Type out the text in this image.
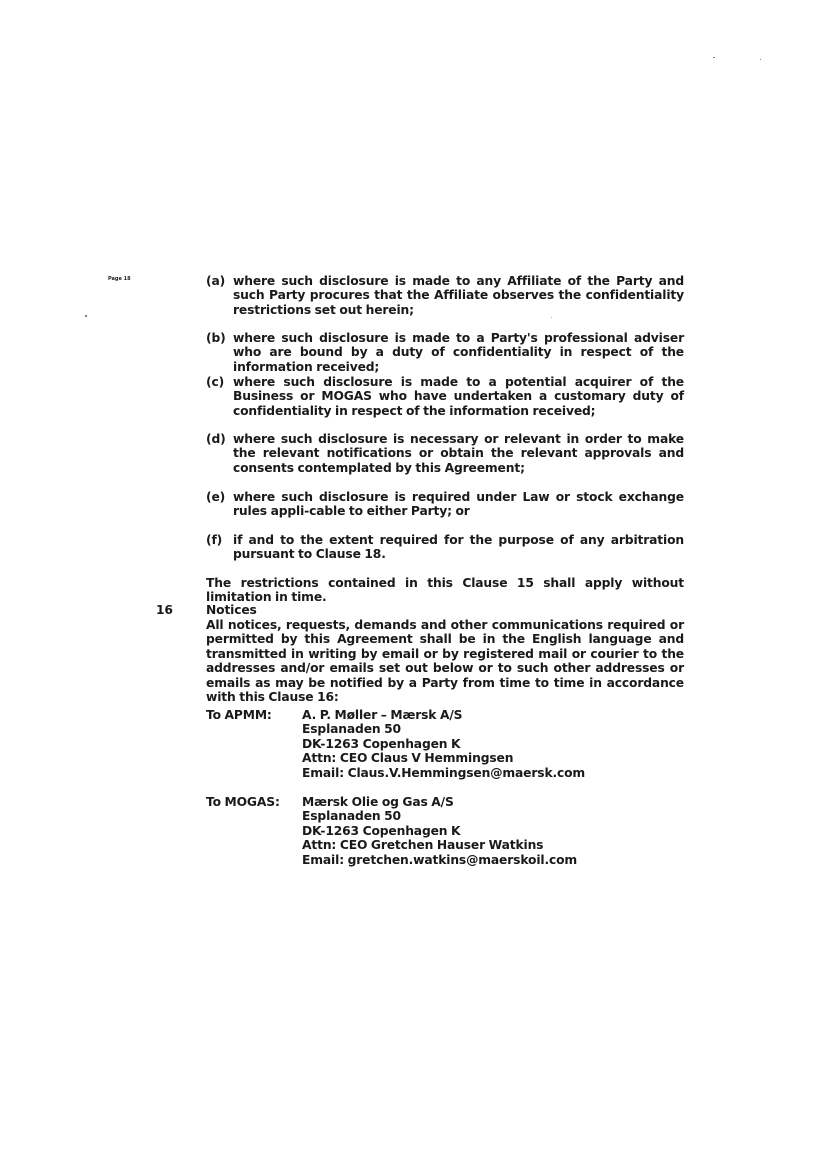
Page 18	(a) where such disclosure is made to any Affiliate of the Party and such Party procures that the Affiliate observes the confidentiality restrictions set out herein;
(b) where such disclosure is made to a Party's professional adviser who are bound by a duty of confidentiality in respect of the information received;
(c) where such disclosure is made to a potential acquirer of the Business or MOGAS who have undertaken a customary duty of confidentiality in respect of the information received;
(d) where such disclosure is necessary or relevant in order to make the relevant notifications or obtain the relevant approvals and consents contemplated by this Agreement;
(e) where such disclosure is required under Law or stock exchange rules appli-cable to either Party; or
(f) if and to the extent required for the purpose of any arbitration pursuant to Clause 18.
The restrictions contained in this Clause 15 shall apply without limitation in time.
16	Notices
All notices, requests, demands and other communications required or permitted by this Agreement shall be in the English language and transmitted in writing by email or by registered mail or courier to the addresses and/or emails set out below or to such other addresses or emails as may be notified by a Party from time to time in accordance with this Clause 16:
To APMM:	A. P. Møller – Mærsk A/S
Esplanaden 50
DK-1263 Copenhagen K
Attn: CEO Claus V Hemmingsen
Email: Claus.V.Hemmingsen@maersk.com
To MOGAS:	Mærsk Olie og Gas A/S
Esplanaden 50
DK-1263 Copenhagen K
Attn: CEO Gretchen Hauser Watkins
Email: gretchen.watkins@maerskoil.com
